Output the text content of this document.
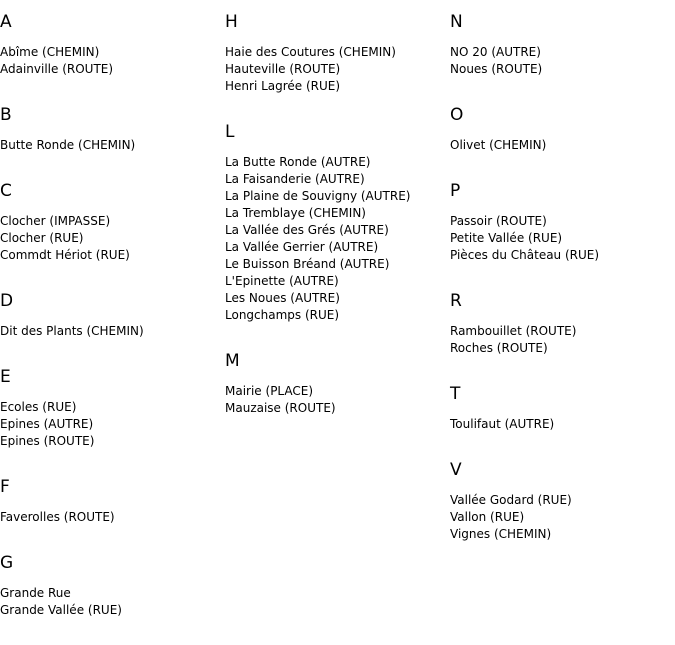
A
Abîme (CHEMIN)
Adainville (ROUTE)
B
Butte Ronde (CHEMIN)
C
Clocher (IMPASSE)
Clocher (RUE)
Commdt Hériot (RUE)
D
Dit des Plants (CHEMIN)
E
Ecoles (RUE)
Epines (AUTRE)
Epines (ROUTE)
F
Faverolles (ROUTE)
G
Grande Rue
Grande Vallée (RUE)
H
Haie des Coutures (CHEMIN)
Hauteville (ROUTE)
Henri Lagrée (RUE)
L
La Butte Ronde (AUTRE)
La Faisanderie (AUTRE)
La Plaine de Souvigny (AUTRE)
La Tremblaye (CHEMIN)
La Vallée des Grés (AUTRE)
La Vallée Gerrier (AUTRE)
Le Buisson Bréand (AUTRE)
L'Epinette (AUTRE)
Les Noues (AUTRE)
Longchamps (RUE)
M
Mairie (PLACE)
Mauzaise (ROUTE)
N
NO 20 (AUTRE)
Noues (ROUTE)
O
Olivet (CHEMIN)
P
Passoir (ROUTE)
Petite Vallée (RUE)
Pièces du Château (RUE)
R
Rambouillet (ROUTE)
Roches (ROUTE)
T
Toulifaut (AUTRE)
V
Vallée Godard (RUE)
Vallon (RUE)
Vignes (CHEMIN)
